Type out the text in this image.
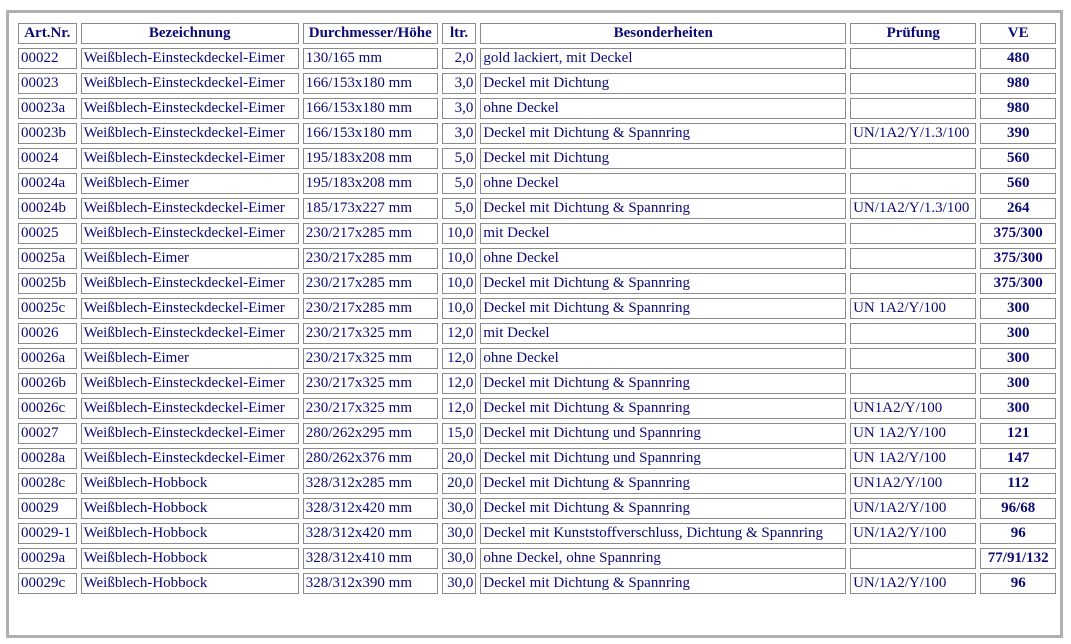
Art.Nr.	Bezeichnung	Durchmesser/Höhe	ltr.	Besonderheiten	Prüfung	VE
00022	Weißblech-Einsteckdeckel-Eimer	130/165 mm	2,0	gold lackiert, mit Deckel		480
00023	Weißblech-Einsteckdeckel-Eimer	166/153x180 mm	3,0	Deckel mit Dichtung		980
00023a	Weißblech-Einsteckdeckel-Eimer	166/153x180 mm	3,0	ohne Deckel		980
00023b	Weißblech-Einsteckdeckel-Eimer	166/153x180 mm	3,0	Deckel mit Dichtung & Spannring	UN/1A2/Y/1.3/100	390
00024	Weißblech-Einsteckdeckel-Eimer	195/183x208 mm	5,0	Deckel mit Dichtung		560
00024a	Weißblech-Eimer	195/183x208 mm	5,0	ohne Deckel		560
00024b	Weißblech-Einsteckdeckel-Eimer	185/173x227 mm	5,0	Deckel mit Dichtung & Spannring	UN/1A2/Y/1.3/100	264
00025	Weißblech-Einsteckdeckel-Eimer	230/217x285 mm	10,0	mit Deckel		375/300
00025a	Weißblech-Eimer	230/217x285 mm	10,0	ohne Deckel		375/300
00025b	Weißblech-Einsteckdeckel-Eimer	230/217x285 mm	10,0	Deckel mit Dichtung & Spannring		375/300
00025c	Weißblech-Einsteckdeckel-Eimer	230/217x285 mm	10,0	Deckel mit Dichtung & Spannring	UN 1A2/Y/100	300
00026	Weißblech-Einsteckdeckel-Eimer	230/217x325 mm	12,0	mit Deckel		300
00026a	Weißblech-Eimer	230/217x325 mm	12,0	ohne Deckel		300
00026b	Weißblech-Einsteckdeckel-Eimer	230/217x325 mm	12,0	Deckel mit Dichtung & Spannring		300
00026c	Weißblech-Einsteckdeckel-Eimer	230/217x325 mm	12,0	Deckel mit Dichtung & Spannring	UN1A2/Y/100	300
00027	Weißblech-Einsteckdeckel-Eimer	280/262x295 mm	15,0	Deckel mit Dichtung und Spannring	UN 1A2/Y/100	121
00028a	Weißblech-Einsteckdeckel-Eimer	280/262x376 mm	20,0	Deckel mit Dichtung und Spannring	UN 1A2/Y/100	147
00028c	Weißblech-Hobbock	328/312x285 mm	20,0	Deckel mit Dichtung & Spannring	UN1A2/Y/100	112
00029	Weißblech-Hobbock	328/312x420 mm	30,0	Deckel mit Dichtung & Spannring	UN/1A2/Y/100	96/68
00029-1	Weißblech-Hobbock	328/312x420 mm	30,0	Deckel mit Kunststoffverschluss, Dichtung & Spannring	UN/1A2/Y/100	96
00029a	Weißblech-Hobbock	328/312x410 mm	30,0	ohne Deckel, ohne Spannring		77/91/132
00029c	Weißblech-Hobbock	328/312x390 mm	30,0	Deckel mit Dichtung & Spannring	UN/1A2/Y/100	96
